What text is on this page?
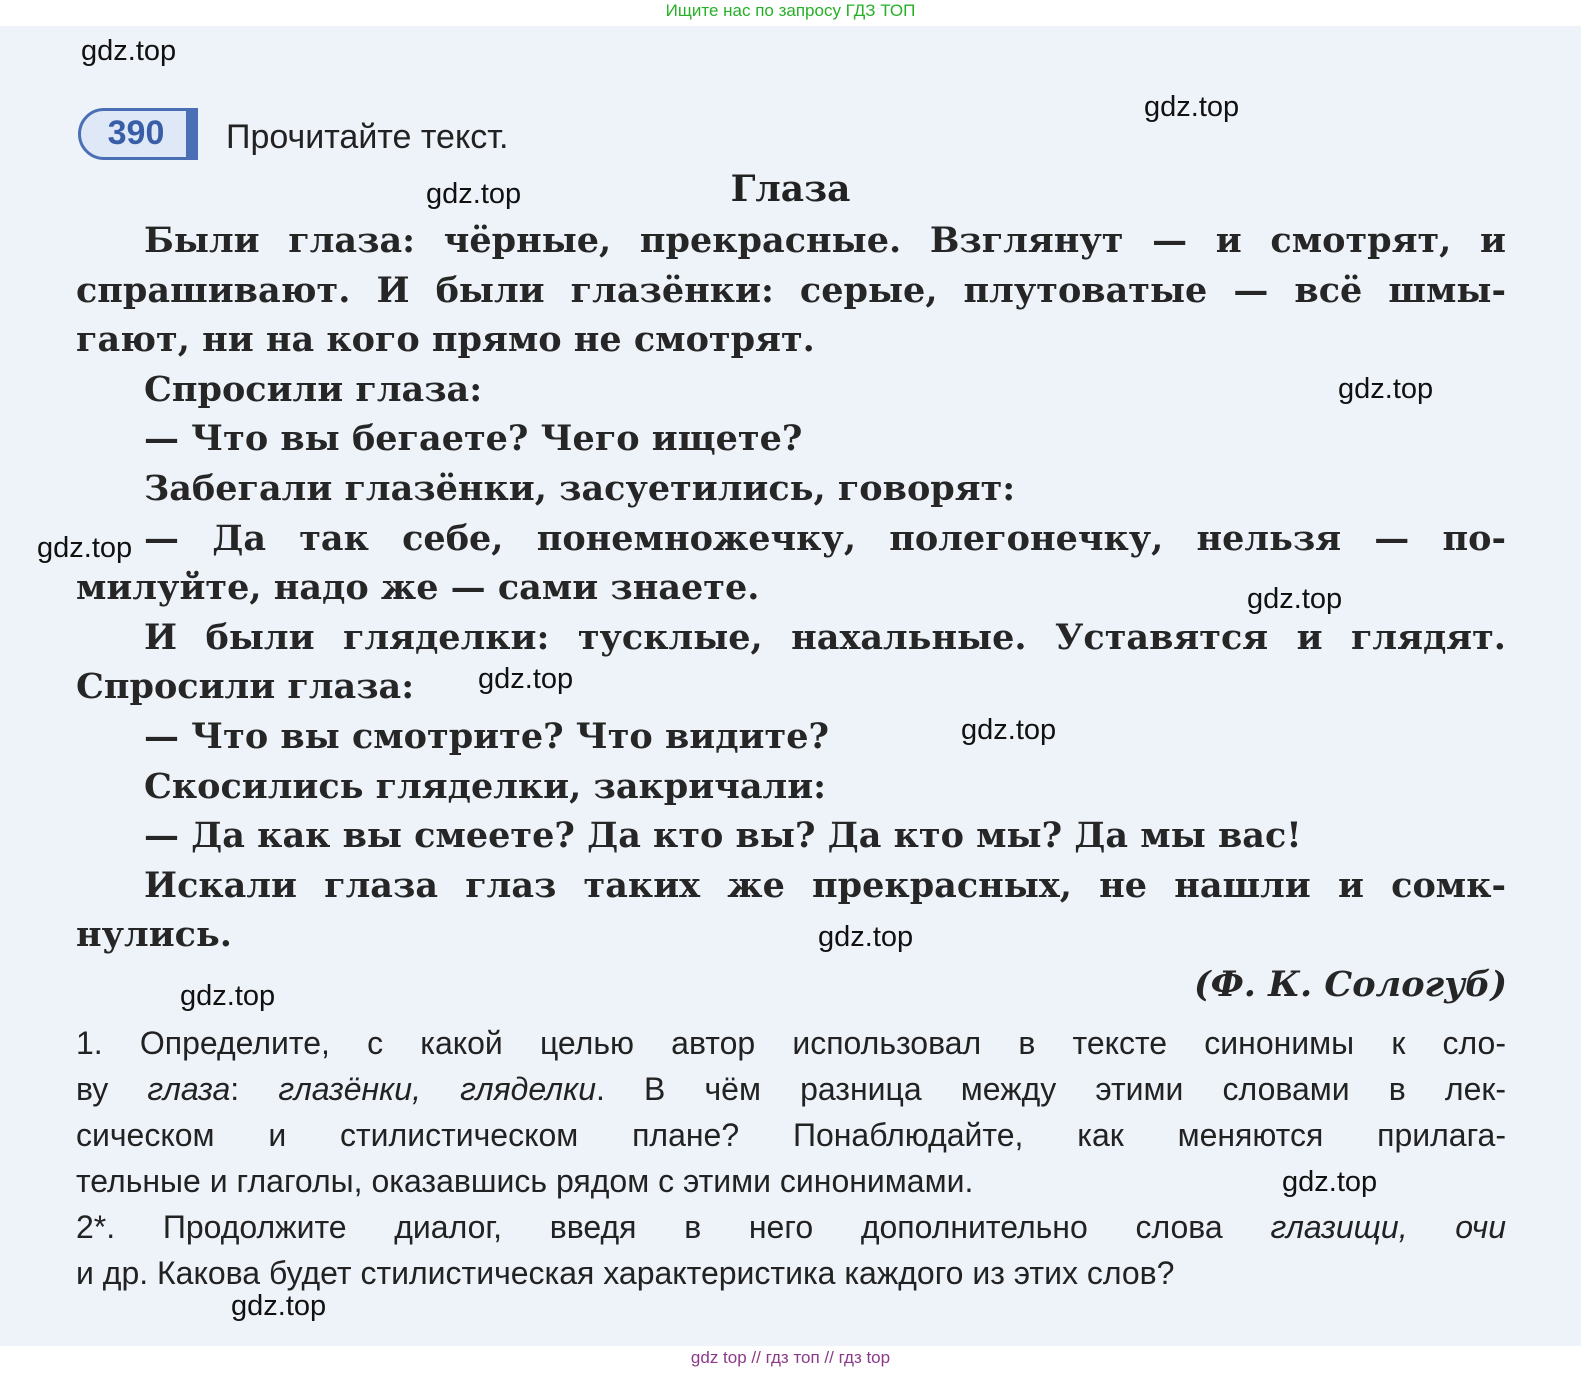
Ищите нас по запросу ГДЗ ТОП
390	Прочитайте текст.
Глаза
Были глаза: чёрные, прекрасные. Взглянут — и смотрят, и
спрашивают. И были глазёнки: серые, плутоватые — всё шмы-
гают, ни на кого прямо не смотрят.
Спросили глаза:
— Что вы бегаете? Чего ищете?
Забегали глазёнки, засуетились, говорят:
— Да так себе, понемножечку, полегонечку, нельзя — по-
милуйте, надо же — сами знаете.
И были гляделки: тусклые, нахальные. Уставятся и глядят.
Спросили глаза:
— Что вы смотрите? Что видите?
Скосились гляделки, закричали:
— Да как вы смеете? Да кто вы? Да кто мы? Да мы вас!
Искали глаза глаз таких же прекрасных, не нашли и сомк-
нулись.
(Ф. К. Сологуб)
1. Определите, с какой целью автор использовал в тексте синонимы к сло-
ву глаза: глазёнки, гляделки. В чём разница между этими словами в лек-
сическом и стилистическом плане? Понаблюдайте, как меняются прилага-
тельные и глаголы, оказавшись рядом с этими синонимами.
2*. Продолжите диалог, введя в него дополнительно слова глазищи, очи
и др. Какова будет стилистическая характеристика каждого из этих слов?
gdz.top
gdz.top
gdz.top
gdz.top
gdz.top
gdz.top
gdz.top
gdz.top
gdz.top
gdz.top
gdz.top
gdz.top
gdz top // гдз топ // гдз top
